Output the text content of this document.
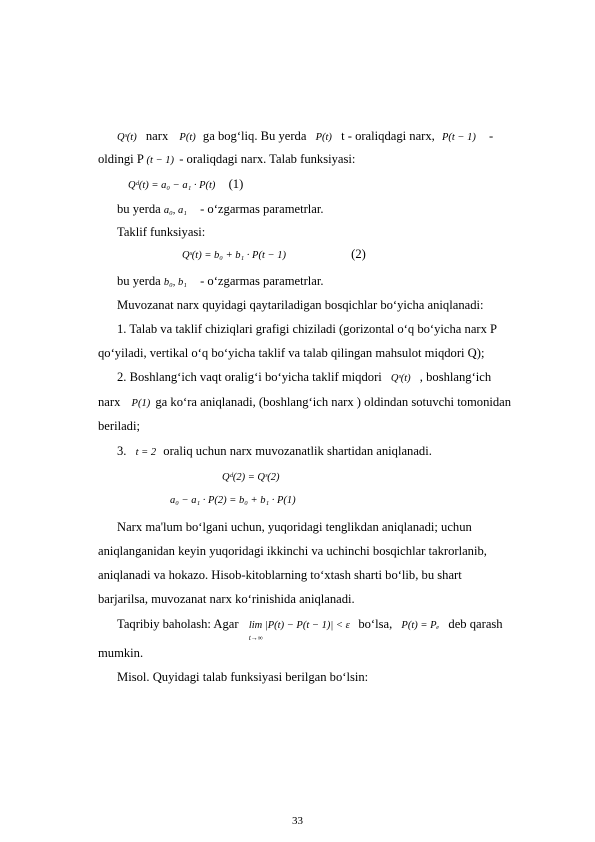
Qˢ(t) narx P(t) ga bog‘liq. Bu yerda P(t) t - oraliqdagi narx, P(t − 1) -
oldingi P (t − 1) - oraliqdagi narx. Talab funksiyasi:
Qᵈ(t) = a₀ − a₁ · P(t) (1)
bu yerda a₀, a₁ - o‘zgarmas parametrlar.
Taklif funksiyasi:
Qˢ(t) = b₀ + b₁ · P(t − 1)	(2)
bu yerda b₀, b₁ - o‘zgarmas parametrlar.
Muvozanat narx quyidagi qaytariladigan bosqichlar bo‘yicha aniqlanadi:
1. Talab va taklif chiziqlari grafigi chiziladi (gorizontal o‘q bo‘yicha narx P
qo‘yiladi, vertikal o‘q bo‘yicha taklif va talab qilingan mahsulot miqdori Q);
2. Boshlang‘ich vaqt oralig‘i bo‘yicha taklif miqdori Qˢ(t) , boshlang‘ich
narx P(1) ga ko‘ra aniqlanadi, (boshlang‘ich narx ) oldindan sotuvchi tomonidan
beriladi;
3. t = 2 oraliq uchun narx muvozanatlik shartidan aniqlanadi.
Qᵈ(2) = Qˢ(2)
a₀ − a₁ · P(2) = b₀ + b₁ · P(1)
Narx ma'lum bo‘lgani uchun, yuqoridagi tenglikdan aniqlanadi; uchun
aniqlanganidan keyin yuqoridagi ikkinchi va uchinchi bosqichlar takrorlanib,
aniqlanadi va hokazo. Hisob-kitoblarning to‘xtash sharti bo‘lib, bu shart
barjarilsa, muvozanat narx ko‘rinishida aniqlanadi.
Taqribiy baholash: Agar lim |P(t) − P(t − 1)| < ε
t→∞
bo‘lsa, P(t) = Pₑ deb qarash
mumkin.
Misol. Quyidagi talab funksiyasi berilgan bo‘lsin:
33
